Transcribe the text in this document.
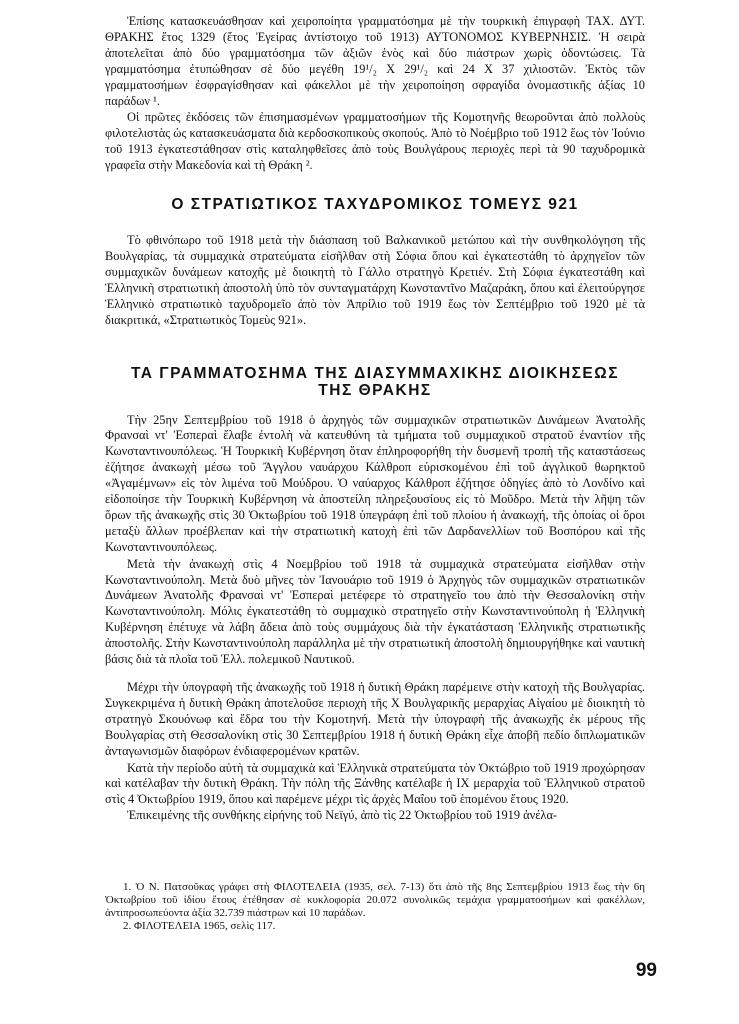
Ἐπίσης κατασκευάσθησαν καὶ χειροποίητα γραμματόσημα μὲ τὴν τουρκικὴ ἐπιγραφὴ ΤΑΧ. ΔΥΤ. ΘΡΑΚΗΣ ἔτος 1329 (ἔτος Ἐγείρας ἀντίστοιχο τοῦ 1913) ΑΥΤΟΝΟΜΟΣ ΚΥΒΕΡΝΗΣΙΣ. Ἡ σειρὰ ἀποτελεῖται ἀπὸ δύο γραμματόσημα τῶν ἀξιῶν ἑνὸς καὶ δύο πιάστρων χωρὶς ὀδοντώσεις. Τὰ γραμματόσημα ἐτυπώθησαν σὲ δύο μεγέθη 19¹/₂ X 29¹/₂ καὶ 24 X 37 χιλιοστῶν. Ἐκτὸς τῶν γραμματοσήμων ἐσφραγίσθησαν καὶ φάκελλοι μὲ τὴν χειροποίηση σφραγίδα ὀνομαστικῆς ἀξίας 10 παράδων ¹.

Οἱ πρῶτες ἐκδόσεις τῶν ἐπισημασμένων γραμματοσήμων τῆς Κομοτηνῆς θεωροῦνται ἀπὸ πολλοὺς φιλοτελιστὰς ὡς κατασκευάσματα διὰ κερδοσκοπικοὺς σκοπούς. Ἀπὸ τὸ Νοέμβριο τοῦ 1912 ἕως τὸν Ἰούνιο τοῦ 1913 ἐγκατεστάθησαν στὶς καταληφθεῖσες ἀπὸ τοὺς Βουλγάρους περιοχὲς περὶ τὰ 90 ταχυδρομικὰ γραφεῖα στὴν Μακεδονία καὶ τὴ Θράκη ².

Ο ΣΤΡΑΤΙΩΤΙΚΟΣ ΤΑΧΥΔΡΟΜΙΚΟΣ ΤΟΜΕΥΣ 921

Τὸ φθινόπωρο τοῦ 1918 μετὰ τὴν διάσπαση τοῦ Βαλκανικοῦ μετώπου καὶ τὴν συνθηκολόγηση τῆς Βουλγαρίας, τὰ συμμαχικὰ στρατεύματα εἰσῆλθαν στὴ Σόφια ὅπου καὶ ἐγκατεστάθη τὸ ἀρχηγεῖον τῶν συμμαχικῶν δυνάμεων κατοχῆς μὲ διοικητὴ τὸ Γάλλο στρατηγὸ Κρετιέν. Στὴ Σόφια ἐγκατεστάθη καὶ Ἑλληνικὴ στρατιωτικὴ ἀποστολὴ ὑπὸ τὸν συνταγματάρχη Κωνσταντῖνο Μαζαράκη, ὅπου καὶ ἐλειτούργησε Ἑλληνικὸ στρατιωτικὸ ταχυδρομεῖο ἀπὸ τὸν Ἀπρίλιο τοῦ 1919 ἕως τὸν Σεπτέμβριο τοῦ 1920 μὲ τὰ διακριτικά, «Στρατιωτικὸς Τομεὺς 921».

ΤΑ ΓΡΑΜΜΑΤΟΣΗΜΑ ΤΗΣ ΔΙΑΣΥΜΜΑΧΙΚΗΣ ΔΙΟΙΚΗΣΕΩΣ
ΤΗΣ ΘΡΑΚΗΣ

Τὴν 25ην Σεπτεμβρίου τοῦ 1918 ὁ ἀρχηγὸς τῶν συμμαχικῶν στρατιωτικῶν Δυνάμεων Ἀνατολῆς Φρανσαὶ ντ' Ἐσπεραὶ ἔλαβε ἐντολὴ νὰ κατευθύνη τὰ τμήματα τοῦ συμμαχικοῦ στρατοῦ ἐναντίον τῆς Κωνσταντινουπόλεως. Ἡ Τουρκικὴ Κυβέρνηση ὅταν ἐπληροφορήθη τὴν δυσμενῆ τροπὴ τῆς καταστάσεως ἐζήτησε ἀνακωχὴ μέσω τοῦ Ἄγγλου ναυάρχου Κάλθροπ εὑρισκομένου ἐπὶ τοῦ ἀγγλικοῦ θωρηκτοῦ «Ἀγαμέμνων» εἰς τὸν λιμένα τοῦ Μούδρου. Ὁ ναύαρχος Κάλθροπ ἐζήτησε ὁδηγίες ἀπὸ τὸ Λονδίνο καὶ εἰδοποίησε τὴν Τουρκικὴ Κυβέρνηση νὰ ἀποστείλη πληρεξουσίους εἰς τὸ Μοῦδρο. Μετὰ τὴν λῆψη τῶν ὅρων τῆς ἀνακωχῆς στὶς 30 Ὀκτωβρίου τοῦ 1918 ὑπεγράφη ἐπὶ τοῦ πλοίου ἡ ἀνακωχή, τῆς ὁποίας οἱ ὅροι μεταξὺ ἄλλων προέβλεπαν καὶ τὴν στρατιωτικὴ κατοχὴ ἐπὶ τῶν Δαρδανελλίων τοῦ Βοσπόρου καὶ τῆς Κωνσταντινουπόλεως.

Μετὰ τὴν ἀνακωχὴ στὶς 4 Νοεμβρίου τοῦ 1918 τὰ συμμαχικὰ στρατεύματα εἰσῆλθαν στὴν Κωνσταντινούπολη. Μετὰ δυὸ μῆνες τὸν Ἰανουάριο τοῦ 1919 ὁ Ἀρχηγὸς τῶν συμμαχικῶν στρατιωτικῶν Δυνάμεων Ἀνατολῆς Φρανσαὶ ντ' Ἐσπεραὶ μετέφερε τὸ στρατηγεῖο του ἀπὸ τὴν Θεσσαλονίκη στὴν Κωνσταντινούπολη. Μόλις ἐγκατεστάθη τὸ συμμαχικὸ στρατηγεῖο στὴν Κωνσταντινούπολη ἡ Ἑλληνικὴ Κυβέρνηση ἐπέτυχε νὰ λάβη ἄδεια ἀπὸ τοὺς συμμάχους διὰ τὴν ἐγκατάσταση Ἑλληνικῆς στρατιωτικῆς ἀποστολῆς. Στὴν Κωνσταντινούπολη παράλληλα μὲ τὴν στρατιωτικὴ ἀποστολὴ δημιουργήθηκε καὶ ναυτικὴ βάσις διὰ τὰ πλοῖα τοῦ Ἑλλ. πολεμικοῦ Ναυτικοῦ.

Μέχρι τὴν ὑπογραφὴ τῆς ἀνακωχῆς τοῦ 1918 ἡ δυτικὴ Θράκη παρέμεινε στὴν κατοχὴ τῆς Βουλγαρίας. Συγκεκριμένα ἡ δυτικὴ Θράκη ἀποτελοῦσε περιοχὴ τῆς Χ Βουλγαρικῆς μεραρχίας Αἰγαίου μὲ διοικητὴ τὸ στρατηγὸ Σκουόνωφ καὶ ἕδρα του τὴν Κομοτηνή. Μετὰ τὴν ὑπογραφὴ τῆς ἀνακωχῆς ἐκ μέρους τῆς Βουλγαρίας στὴ Θεσσαλονίκη στὶς 30 Σεπτεμβρίου 1918 ἡ δυτικὴ Θράκη εἶχε ἀποβῆ πεδίο διπλωματικῶν ἀνταγωνισμῶν διαφόρων ἐνδιαφερομένων κρατῶν.

Κατὰ τὴν περίοδο αὐτὴ τὰ συμμαχικὰ καὶ Ἑλληνικὰ στρατεύματα τὸν Ὀκτώβριο τοῦ 1919 προχώρησαν καὶ κατέλαβαν τὴν δυτικὴ Θράκη. Τὴν πόλη τῆς Ξάνθης κατέλαβε ἡ IX μεραρχία τοῦ Ἑλληνικοῦ στρατοῦ στὶς 4 Ὀκτωβρίου 1919, ὅπου καὶ παρέμενε μέχρι τὶς ἀρχὲς Μαΐου τοῦ ἑπομένου ἔτους 1920.

Ἐπικειμένης τῆς συνθήκης εἰρήνης τοῦ Νεϊγύ, ἀπὸ τὶς 22 Ὀκτωβρίου τοῦ 1919 ἀνέλα-

1. Ὁ Ν. Πατσοῦκας γράφει στὴ ΦΙΛΟΤΕΛΕΙΑ (1935, σελ. 7-13) ὅτι ἀπὸ τῆς 8ης Σεπτεμβρίου 1913 ἕως τὴν 6η Ὀκτωβρίου τοῦ ἰδίου ἔτους ἐτέθησαν σὲ κυκλοφορία 20.072 συνολικῶς τεμάχια γραμματοσήμων καὶ φακέλλων, ἀντιπροσωπεύοντα ἀξία 32.739 πιάστρων καὶ 10 παράδων.

2. ΦΙΛΟΤΕΛΕΙΑ 1965, σελὶς 117.

99
